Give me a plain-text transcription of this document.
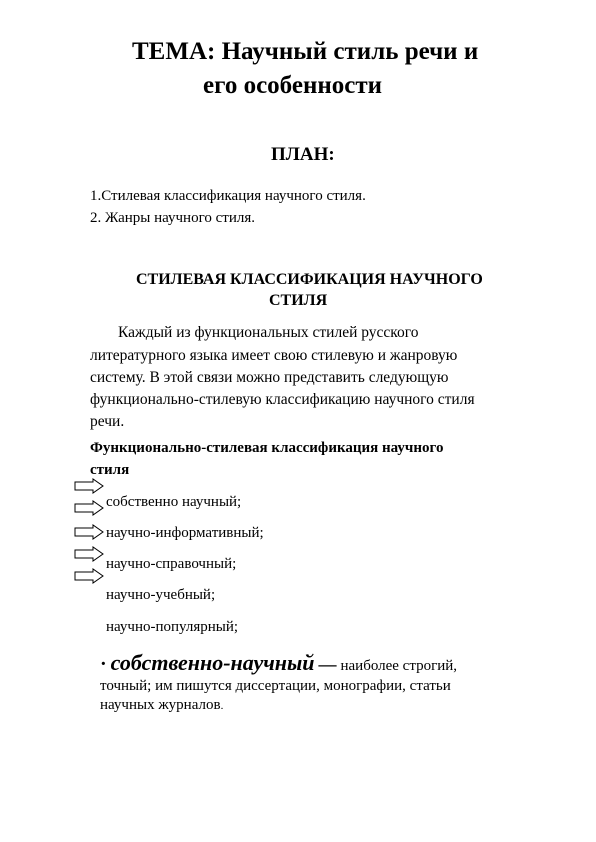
ТЕМА: Научный стиль речи и
его особенности
ПЛАН:
1.Стилевая классификация научного стиля.
2. Жанры научного стиля.
СТИЛЕВАЯ КЛАССИФИКАЦИЯ НАУЧНОГО
СТИЛЯ
Каждый из функциональных стилей русского
литературного языка имеет свою стилевую и жанровую
систему. В этой связи можно представить следующую
функционально-стилевую классификацию научного стиля
речи.
Функционально-стилевая классификация научного
стиля
собственно научный;
научно-информативный;
научно-справочный;
научно-учебный;
научно-популярный;
· собственно-научный — наиболее строгий,
точный; им пишутся диссертации, монографии, статьи
научных журналов.
